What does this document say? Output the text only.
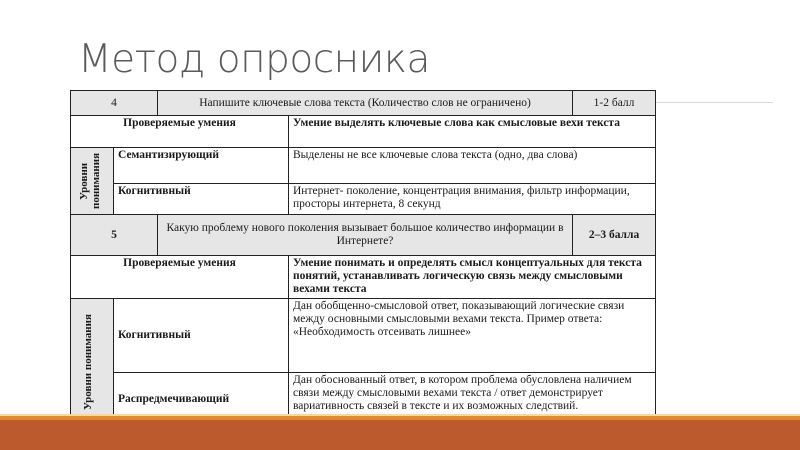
Метод опросника
4		Напишите ключевые слова текста (Количество слов не ограничено)		1-2 балл
Проверяемые умения			Умение выделять ключевые слова как смысловые вехи текста	

Уровни понимания	Семантизирующий		Выделены не все ключевые слова текста (одно, два слова)	
	Когнитивный		Интернет- поколение, концентрация внимания, фильтр информации, просторы интернета, 8 секунд	
5		Какую проблему нового поколения вызывает большое количество информации в Интернете?		2–3 балла
Проверяемые умения			Умение понимать и определять смысл концептуальных для текста понятий, устанавливать логическую связь между смысловыми вехами текста	

Уровни понимания	Когнитивный		Дан обобщенно-смысловой ответ, показывающий логические связи между основными смысловыми вехами текста. Пример ответа: «Необходимость отсеивать лишнее»	
	Распредмечивающий		Дан обоснованный ответ, в котором проблема обусловлена наличием связи между смысловыми вехами текста / ответ демонстрирует вариативность связей в тексте и их возможных следствий.	
